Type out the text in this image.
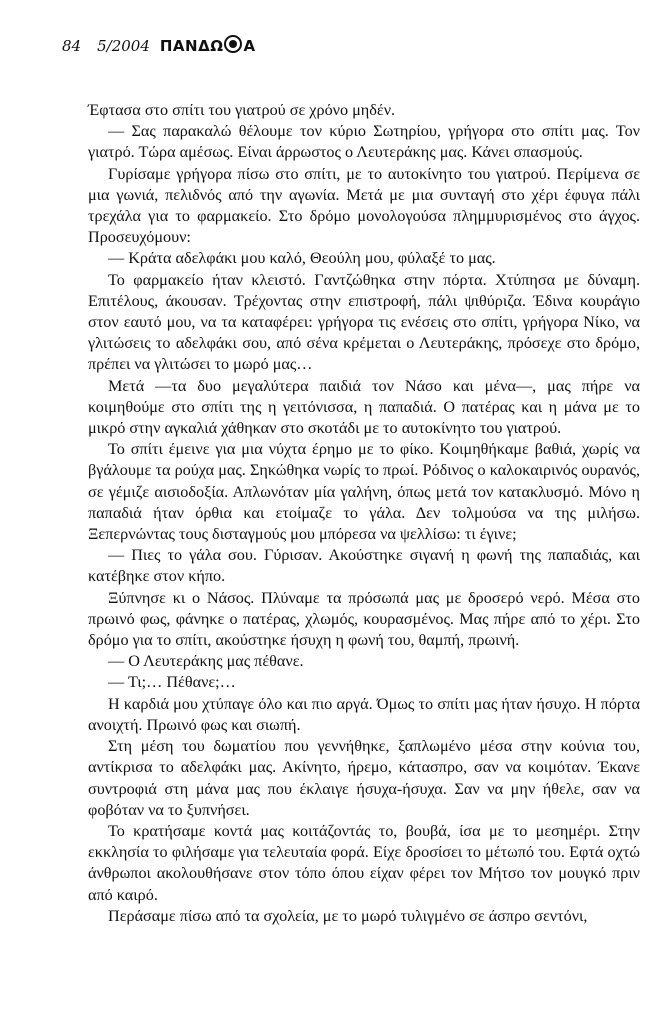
84 5/2004 ΠΑΝΔΩ Α

Έφτασα στο σπίτι του γιατρού σε χρόνο μηδέν.

— Σας παρακαλώ θέλουμε τον κύριο Σωτηρίου, γρήγορα στο σπίτι μας. Τον γιατρό. Τώρα αμέσως. Είναι άρρωστος ο Λευτεράκης μας. Κάνει σπασμούς.

Γυρίσαμε γρήγορα πίσω στο σπίτι, με το αυτοκίνητο του γιατρού. Περίμενα σε μια γωνιά, πελιδνός από την αγωνία. Μετά με μια συνταγή στο χέρι έφυγα πάλι τρεχάλα για το φαρμακείο. Στο δρόμο μονολογούσα πλημμυρισμένος στο άγχος. Προσευχόμουν:

— Κράτα αδελφάκι μου καλό, Θεούλη μου, φύλαξέ το μας.

Το φαρμακείο ήταν κλειστό. Γαντζώθηκα στην πόρτα. Χτύπησα με δύναμη. Επιτέλους, άκουσαν. Τρέχοντας στην επιστροφή, πάλι ψιθύριζα. Έδινα κουράγιο στον εαυτό μου, να τα καταφέρει: γρήγορα τις ενέσεις στο σπίτι, γρήγορα Νίκο, να γλιτώσεις το αδελφάκι σου, από σένα κρέμεται ο Λευτεράκης, πρόσεχε στο δρόμο, πρέπει να γλιτώσει το μωρό μας…

Μετά —τα δυο μεγαλύτερα παιδιά τον Νάσο και μένα—, μας πήρε να κοιμηθούμε στο σπίτι της η γειτόνισσα, η παπαδιά. Ο πατέρας και η μάνα με το μικρό στην αγκαλιά χάθηκαν στο σκοτάδι με το αυτοκίνητο του γιατρού.

Το σπίτι έμεινε για μια νύχτα έρημο με το φίκο. Κοιμηθήκαμε βαθιά, χωρίς να βγάλουμε τα ρούχα μας. Σηκώθηκα νωρίς το πρωί. Ρόδινος ο καλοκαιρινός ουρανός, σε γέμιζε αισιοδοξία. Απλωνόταν μία γαλήνη, όπως μετά τον κατακλυσμό. Μόνο η παπαδιά ήταν όρθια και ετοίμαζε το γάλα. Δεν τολμούσα να της μιλήσω. Ξεπερνώντας τους δισταγμούς μου μπόρεσα να ψελλίσω: τι έγινε;

— Πιες το γάλα σου. Γύρισαν. Ακούστηκε σιγανή η φωνή της παπαδιάς, και κατέβηκε στον κήπο.

Ξύπνησε κι ο Νάσος. Πλύναμε τα πρόσωπά μας με δροσερό νερό. Μέσα στο πρωινό φως, φάνηκε ο πατέρας, χλωμός, κουρασμένος. Μας πήρε από το χέρι. Στο δρόμο για το σπίτι, ακούστηκε ήσυχη η φωνή του, θαμπή, πρωινή.

— Ο Λευτεράκης μας πέθανε.

— Τι;… Πέθανε;…

Η καρδιά μου χτύπαγε όλο και πιο αργά. Όμως το σπίτι μας ήταν ήσυχο. Η πόρτα ανοιχτή. Πρωινό φως και σιωπή.

Στη μέση του δωματίου που γεννήθηκε, ξαπλωμένο μέσα στην κούνια του, αντίκρισα το αδελφάκι μας. Ακίνητο, ήρεμο, κάτασπρο, σαν να κοιμόταν. Έκανε συντροφιά στη μάνα μας που έκλαιγε ήσυχα-ήσυχα. Σαν να μην ήθελε, σαν να φοβόταν να το ξυπνήσει.

Το κρατήσαμε κοντά μας κοιτάζοντάς το, βουβά, ίσα με το μεσημέρι. Στην εκκλησία το φιλήσαμε για τελευταία φορά. Είχε δροσίσει το μέτωπό του. Εφτά οχτώ άνθρωποι ακολουθήσανε στον τόπο όπου είχαν φέρει τον Μήτσο τον μουγκό πριν από καιρό.

Περάσαμε πίσω από τα σχολεία, με το μωρό τυλιγμένο σε άσπρο σεντόνι,
